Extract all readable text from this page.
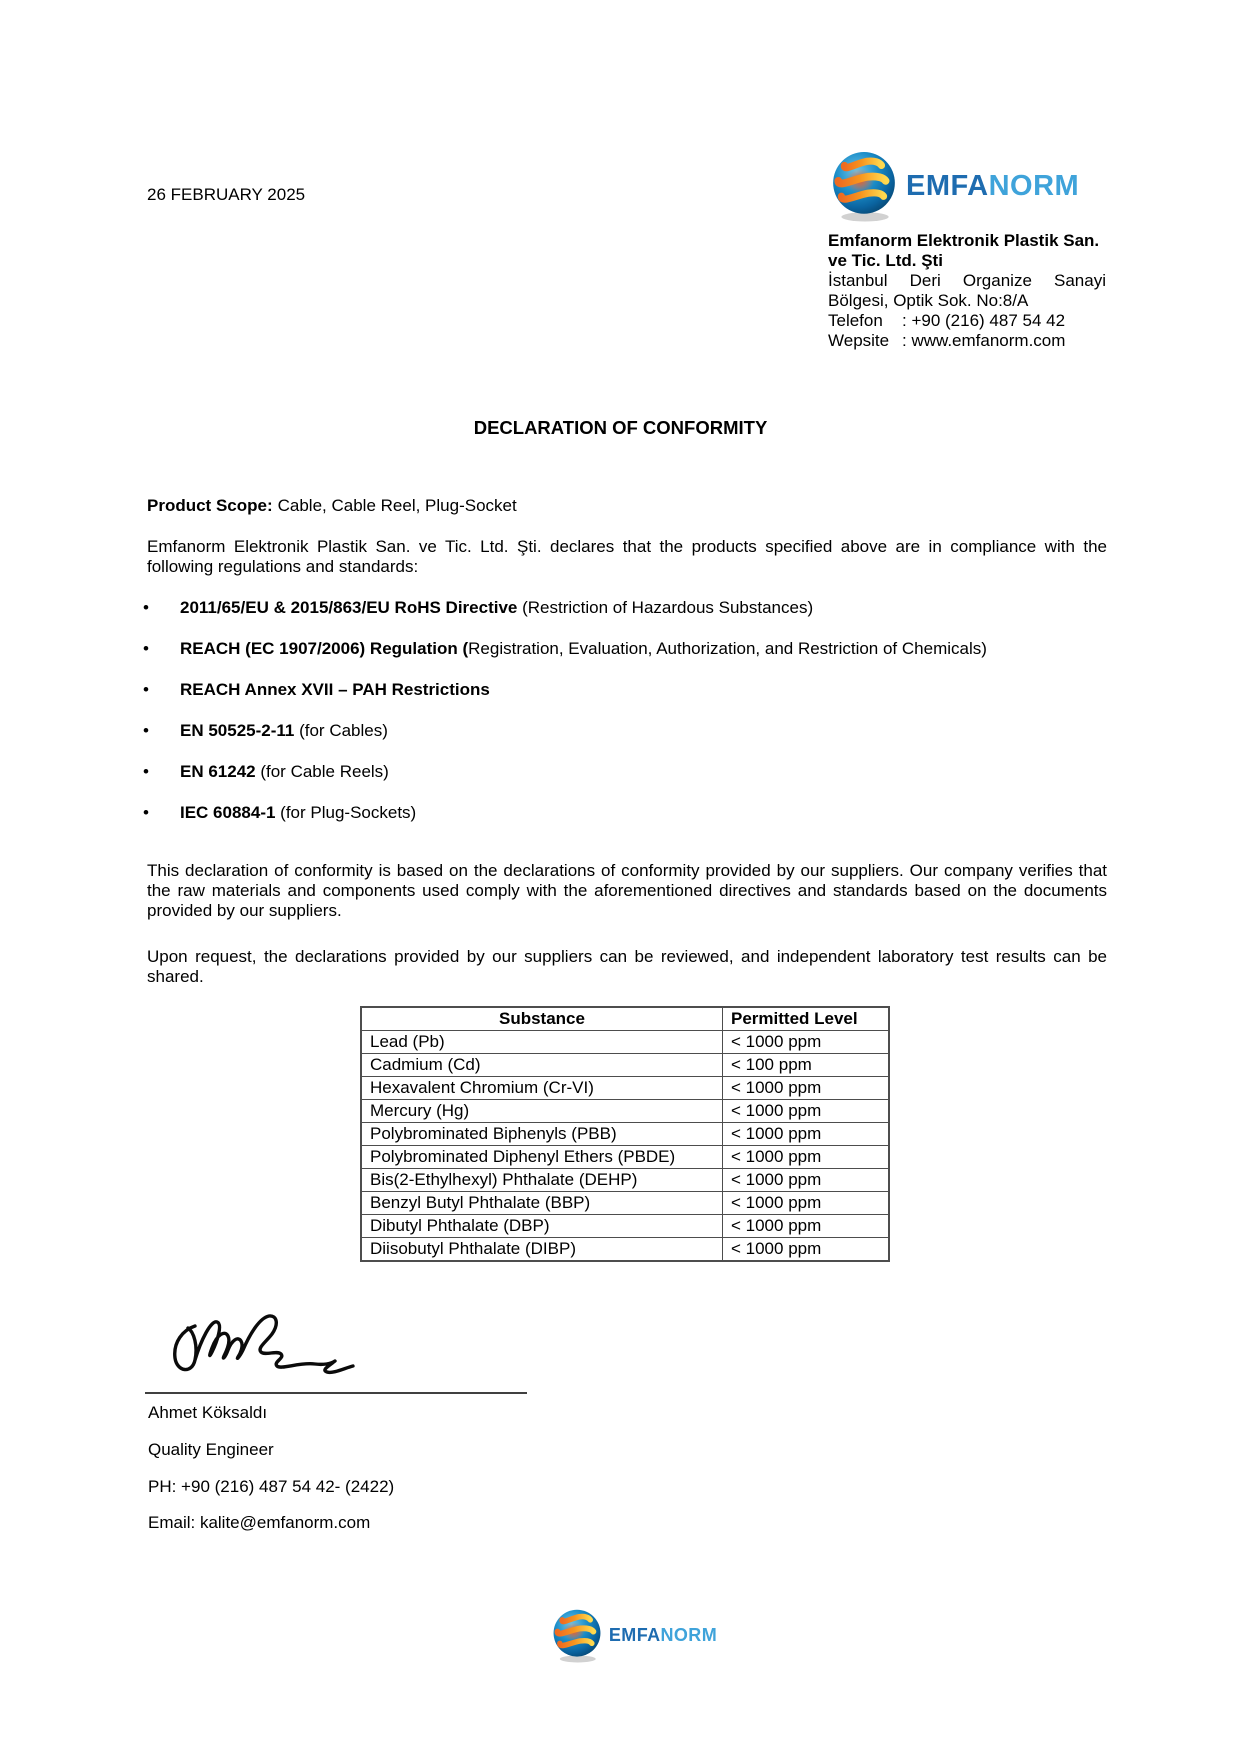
26 FEBRUARY 2025	EMFANORM
Emfanorm Elektronik Plastik San.
ve Tic. Ltd. Şti
İstanbul Deri Organize Sanayi
Bölgesi, Optik Sok. No:8/A
Telefon : +90 (216) 487 54 42
Wepsite : www.emfanorm.com
DECLARATION OF CONFORMITY
Product Scope: Cable, Cable Reel, Plug-Socket
Emfanorm Elektronik Plastik San. ve Tic. Ltd. Şti. declares that the products specified above are in compliance with the following regulations and standards:
• 2011/65/EU & 2015/863/EU RoHS Directive (Restriction of Hazardous Substances)
• REACH (EC 1907/2006) Regulation (Registration, Evaluation, Authorization, and Restriction of Chemicals)
• REACH Annex XVII – PAH Restrictions
• EN 50525-2-11 (for Cables)
• EN 61242 (for Cable Reels)
• IEC 60884-1 (for Plug-Sockets)
This declaration of conformity is based on the declarations of conformity provided by our suppliers. Our company verifies that the raw materials and components used comply with the aforementioned directives and standards based on the documents provided by our suppliers.
Upon request, the declarations provided by our suppliers can be reviewed, and independent laboratory test results can be shared.
Substance	Permitted Level
Lead (Pb)	< 1000 ppm
Cadmium (Cd)	< 100 ppm
Hexavalent Chromium (Cr-VI)	< 1000 ppm
Mercury (Hg)	< 1000 ppm
Polybrominated Biphenyls (PBB)	< 1000 ppm
Polybrominated Diphenyl Ethers (PBDE)	< 1000 ppm
Bis(2-Ethylhexyl) Phthalate (DEHP)	< 1000 ppm
Benzyl Butyl Phthalate (BBP)	< 1000 ppm
Dibutyl Phthalate (DBP)	< 1000 ppm
Diisobutyl Phthalate (DIBP)	< 1000 ppm
Ahmet Köksaldı
Quality Engineer
PH: +90 (216) 487 54 42- (2422)
Email: kalite@emfanorm.com
EMFANORM
